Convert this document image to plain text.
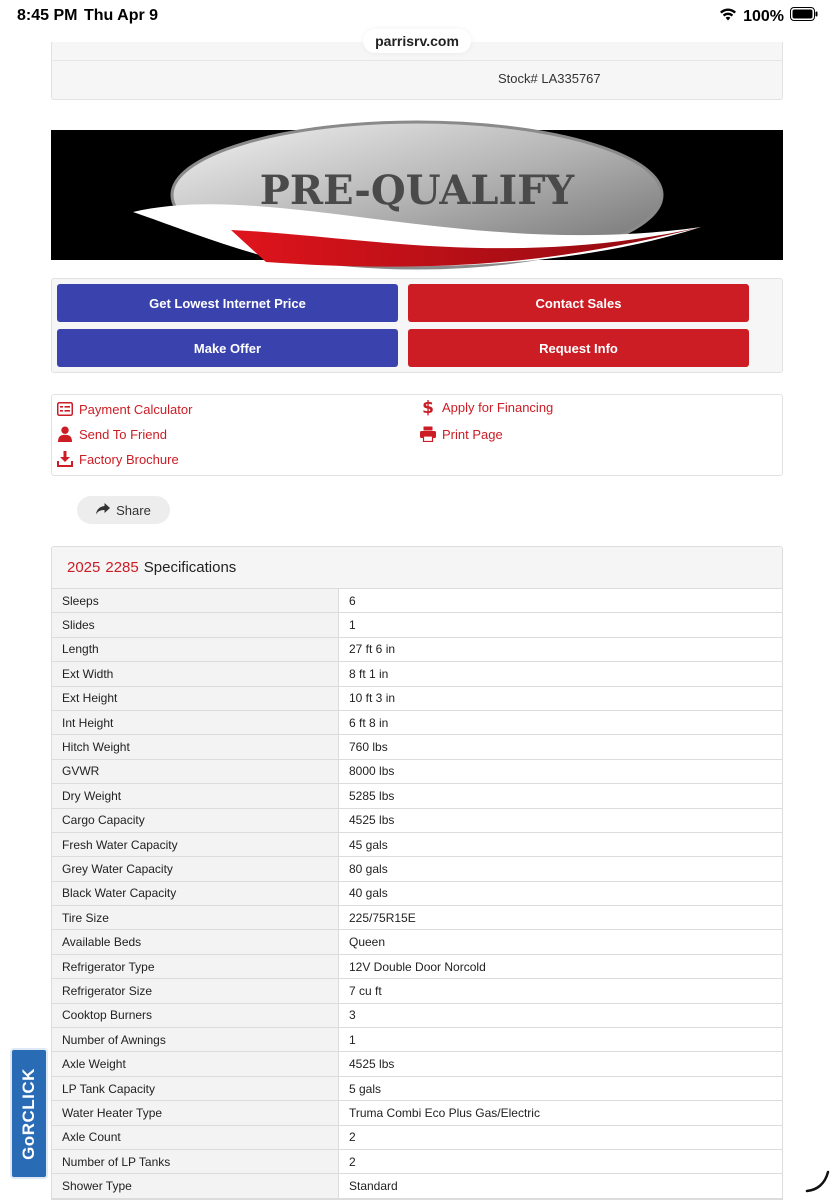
8:45 PM Thu Apr 9	100%
parrisrv.com
Stock# LA335767
PRE-QUALIFY
Get Lowest Internet Price	Contact Sales
Make Offer	Request Info
Payment Calculator	$ Apply for Financing
Send To Friend	Print Page
Factory Brochure
Share
2025 2285 Specifications
Sleeps	6
Slides	1
Length	27 ft 6 in
Ext Width	8 ft 1 in
Ext Height	10 ft 3 in
Int Height	6 ft 8 in
Hitch Weight	760 lbs
GVWR	8000 lbs
Dry Weight	5285 lbs
Cargo Capacity	4525 lbs
Fresh Water Capacity	45 gals
Grey Water Capacity	80 gals
Black Water Capacity	40 gals
Tire Size	225/75R15E
Available Beds	Queen
Refrigerator Type	12V Double Door Norcold
Refrigerator Size	7 cu ft
Cooktop Burners	3
Number of Awnings	1
Axle Weight	4525 lbs
LP Tank Capacity	5 gals
Water Heater Type	Truma Combi Eco Plus Gas/Electric
Axle Count	2
Number of LP Tanks	2
Shower Type	Standard
GoRCLICK
